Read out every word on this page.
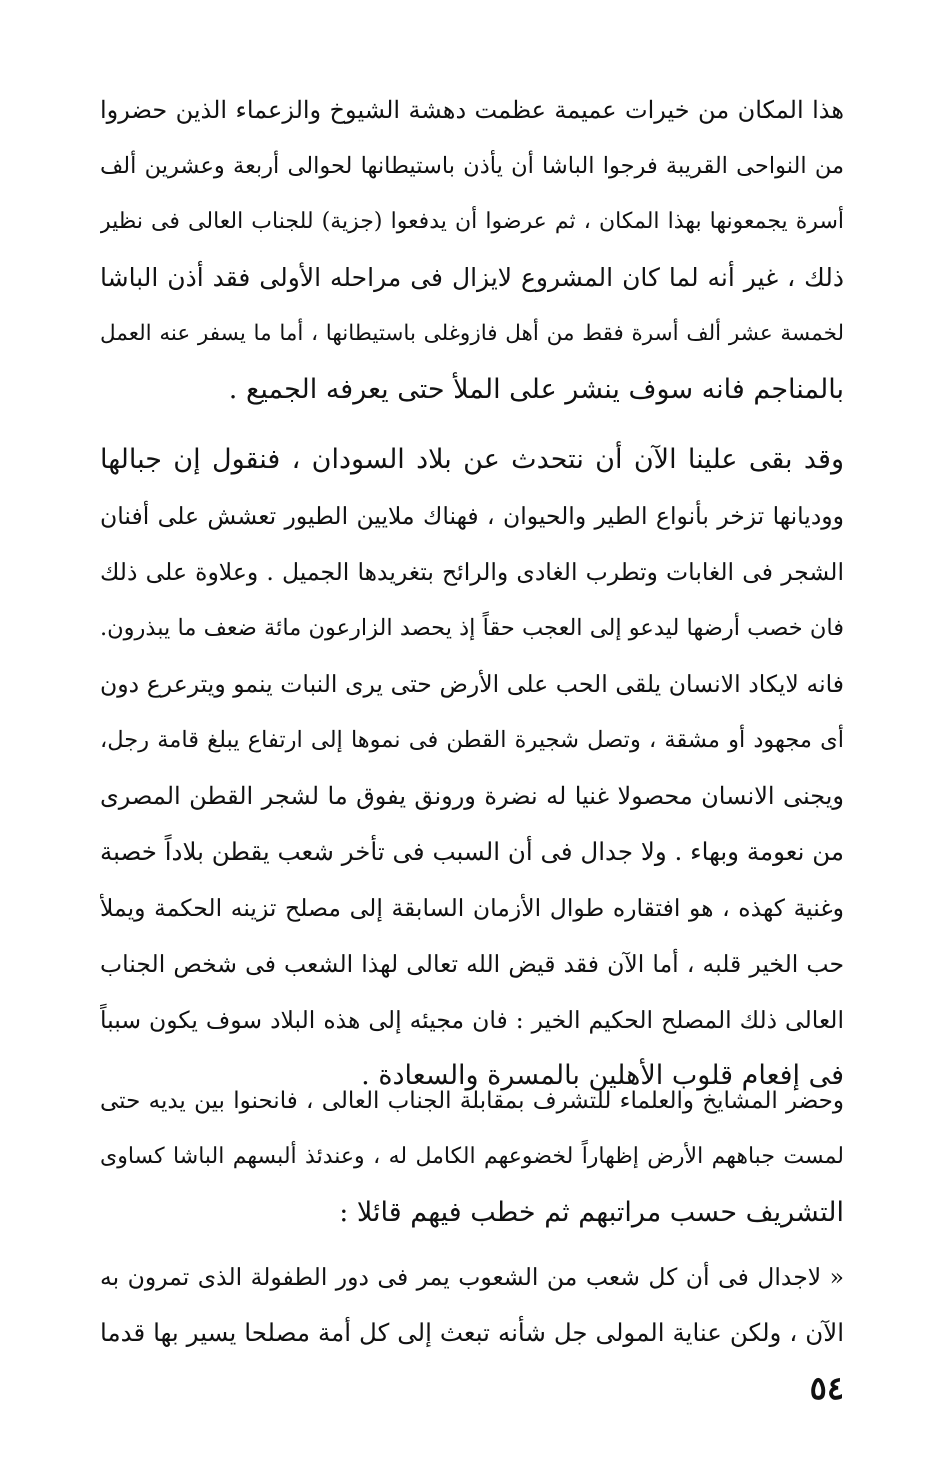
هذا المكان من خيرات عميمة عظمت دهشة الشيوخ والزعماء الذين حضروا
من النواحى القريبة فرجوا الباشا أن يأذن باستيطانها لحوالى أربعة وعشرين ألف
أسرة يجمعونها بهذا المكان ، ثم عرضوا أن يدفعوا (جزية) للجناب العالى فى نظير
ذلك ، غير أنه لما كان المشروع لايزال فى مراحله الأولى فقد أذن الباشا
لخمسة عشر ألف أسرة فقط من أهل فازوغلى باستيطانها ، أما ما يسفر عنه العمل
بالمناجم فانه سوف ينشر على الملأ حتى يعرفه الجميع .
وقد بقى علينا الآن أن نتحدث عن بلاد السودان ، فنقول إن جبالها
ووديانها تزخر بأنواع الطير والحيوان ، فهناك ملايين الطيور تعشش على أفنان
الشجر فى الغابات وتطرب الغادى والرائح بتغريدها الجميل . وعلاوة على ذلك
فان خصب أرضها ليدعو إلى العجب حقاً إذ يحصد الزارعون مائة ضعف ما يبذرون.
فانه لايكاد الانسان يلقى الحب على الأرض حتى يرى النبات ينمو ويترعرع دون
أى مجهود أو مشقة ، وتصل شجيرة القطن فى نموها إلى ارتفاع يبلغ قامة رجل،
ويجنى الانسان محصولا غنيا له نضرة ورونق يفوق ما لشجر القطن المصرى
من نعومة وبهاء . ولا جدال فى أن السبب فى تأخر شعب يقطن بلاداً خصبة
وغنية كهذه ، هو افتقاره طوال الأزمان السابقة إلى مصلح تزينه الحكمة ويملأ
حب الخير قلبه ، أما الآن فقد قيض الله تعالى لهذا الشعب فى شخص الجناب
العالى ذلك المصلح الحكيم الخير : فان مجيئه إلى هذه البلاد سوف يكون سبباً
فى إفعام قلوب الأهلين بالمسرة والسعادة .
وحضر المشايخ والعلماء للتشرف بمقابلة الجناب العالى ، فانحنوا بين يديه حتى
لمست جباههم الأرض إظهاراً لخضوعهم الكامل له ، وعندئذ ألبسهم الباشا كساوى
التشريف حسب مراتبهم ثم خطب فيهم قائلا :
« لاجدال فى أن كل شعب من الشعوب يمر فى دور الطفولة الذى تمرون به
الآن ، ولكن عناية المولى جل شأنه تبعث إلى كل أمة مصلحا يسير بها قدما
٥٤
